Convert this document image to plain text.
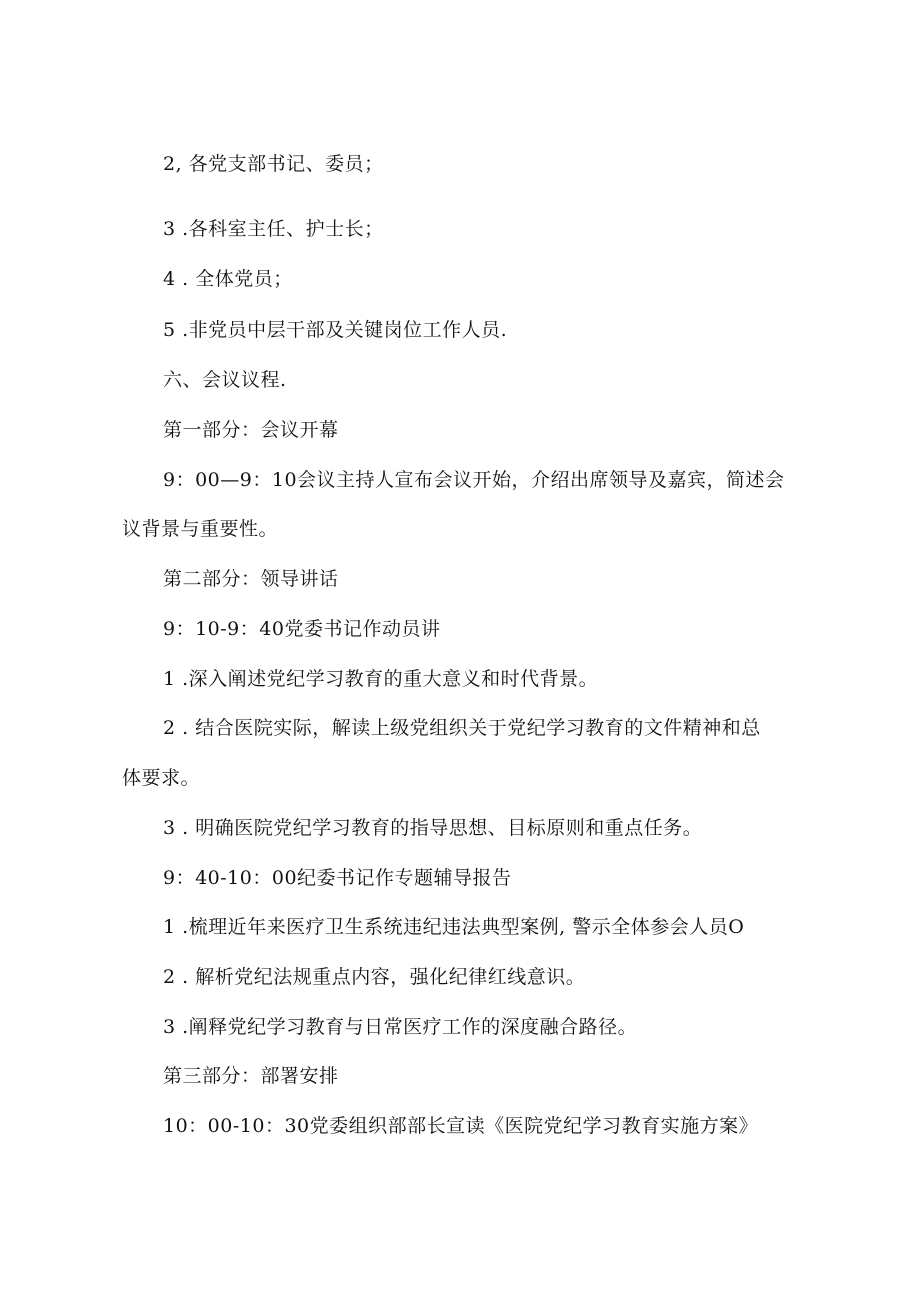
2, 各党支部书记、委员；
3 .各科室主任、护士长；
4 . 全体党员；
5 .非党员中层干部及关键岗位工作人员.
六、会议议程.
第一部分：会议开幕
9：00—9：10会议主持人宣布会议开始，介绍出席领导及嘉宾，简述会
议背景与重要性。
第二部分：领导讲话
9：10-9：40党委书记作动员讲
1 .深入阐述党纪学习教育的重大意义和时代背景。
2 . 结合医院实际，解读上级党组织关于党纪学习教育的文件精神和总
体要求。
3 . 明确医院党纪学习教育的指导思想、目标原则和重点任务。
9：40-10：00纪委书记作专题辅导报告
1 .梳理近年来医疗卫生系统违纪违法典型案例, 警示全体参会人员O
2 . 解析党纪法规重点内容，强化纪律红线意识。
3 .阐释党纪学习教育与日常医疗工作的深度融合路径。
第三部分：部署安排
10：00-10：30党委组织部部长宣读《医院党纪学习教育实施方案》
